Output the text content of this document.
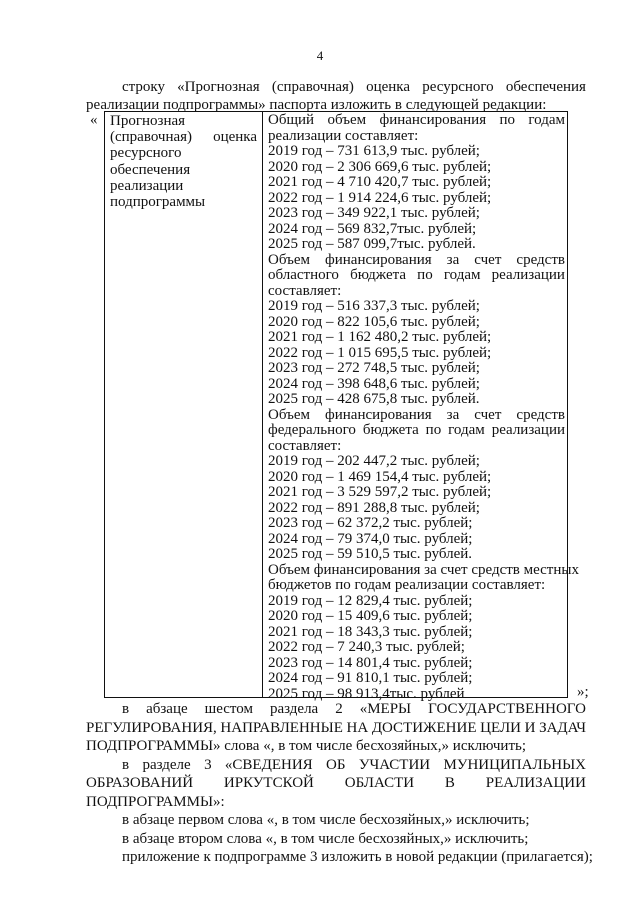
4
строку «Прогнозная (справочная) оценка ресурсного обеспечения
реализации подпрограммы» паспорта изложить в следующей редакции:
« Прогнозная
(справочная) оценка
ресурсного
обеспечения
реализации
подпрограммы
Общий объем финансирования по годам
реализации составляет:
2019 год – 731 613,9 тыс. рублей;
2020 год – 2 306 669,6 тыс. рублей;
2021 год – 4 710 420,7 тыс. рублей;
2022 год – 1 914 224,6 тыс. рублей;
2023 год – 349 922,1 тыс. рублей;
2024 год – 569 832,7тыс. рублей;
2025 год – 587 099,7тыс. рублей.
Объем финансирования за счет средств
областного бюджета по годам реализации
составляет:
2019 год – 516 337,3 тыс. рублей;
2020 год – 822 105,6 тыс. рублей;
2021 год – 1 162 480,2 тыс. рублей;
2022 год – 1 015 695,5 тыс. рублей;
2023 год – 272 748,5 тыс. рублей;
2024 год – 398 648,6 тыс. рублей;
2025 год – 428 675,8 тыс. рублей.
Объем финансирования за счет средств
федерального бюджета по годам реализации
составляет:
2019 год – 202 447,2 тыс. рублей;
2020 год – 1 469 154,4 тыс. рублей;
2021 год – 3 529 597,2 тыс. рублей;
2022 год – 891 288,8 тыс. рублей;
2023 год – 62 372,2 тыс. рублей;
2024 год – 79 374,0 тыс. рублей;
2025 год – 59 510,5 тыс. рублей.
Объем финансирования за счет средств местных
бюджетов по годам реализации составляет:
2019 год – 12 829,4 тыс. рублей;
2020 год – 15 409,6 тыс. рублей;
2021 год – 18 343,3 тыс. рублей;
2022 год – 7 240,3 тыс. рублей;
2023 год – 14 801,4 тыс. рублей;
2024 год – 91 810,1 тыс. рублей;
2025 год – 98 913,4тыс. рублей	»;
в абзаце шестом раздела 2 «МЕРЫ ГОСУДАРСТВЕННОГО
РЕГУЛИРОВАНИЯ, НАПРАВЛЕННЫЕ НА ДОСТИЖЕНИЕ ЦЕЛИ И ЗАДАЧ
ПОДПРОГРАММЫ» слова «, в том числе бесхозяйных,» исключить;
в разделе 3 «СВЕДЕНИЯ ОБ УЧАСТИИ МУНИЦИПАЛЬНЫХ
ОБРАЗОВАНИЙ ИРКУТСКОЙ ОБЛАСТИ В РЕАЛИЗАЦИИ
ПОДПРОГРАММЫ»:
в абзаце первом слова «, в том числе бесхозяйных,» исключить;
в абзаце втором слова «, в том числе бесхозяйных,» исключить;
приложение к подпрограмме 3 изложить в новой редакции (прилагается);
